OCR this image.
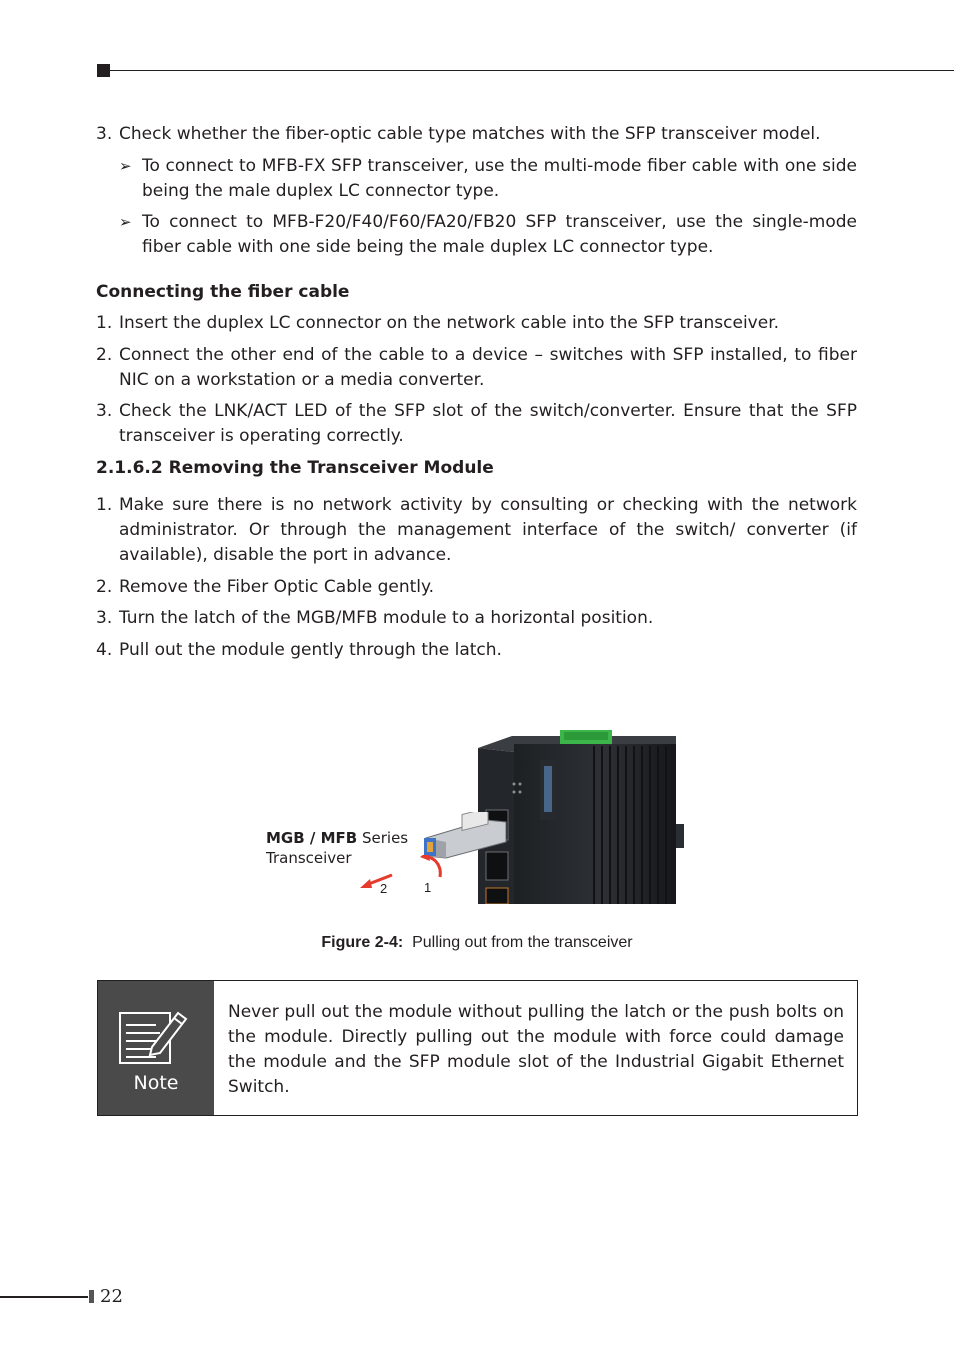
3. Check whether the fiber-optic cable type matches with the SFP transceiver model.
➢ To connect to MFB-FX SFP transceiver, use the multi-mode fiber cable with one side being the male duplex LC connector type.
➢ To connect to MFB-F20/F40/F60/FA20/FB20 SFP transceiver, use the single-mode fiber cable with one side being the male duplex LC connector type.
Connecting the fiber cable
1. Insert the duplex LC connector on the network cable into the SFP transceiver.
2. Connect the other end of the cable to a device – switches with SFP installed, to fiber NIC on a workstation or a media converter.
3. Check the LNK/ACT LED of the SFP slot of the switch/converter. Ensure that the SFP transceiver is operating correctly.
2.1.6.2 Removing the Transceiver Module
1. Make sure there is no network activity by consulting or checking with the network administrator. Or through the management interface of the switch/ converter (if available), disable the port in advance.
2. Remove the Fiber Optic Cable gently.
3. Turn the latch of the MGB/MFB module to a horizontal position.
4. Pull out the module gently through the latch.
MGB / MFB Series
Transceiver
2	1
Figure 2-4: Pulling out from the transceiver
Note
Never pull out the module without pulling the latch or the push bolts on the module. Directly pulling out the module with force could damage the module and the SFP module slot of the Industrial Gigabit Ethernet Switch.
22
